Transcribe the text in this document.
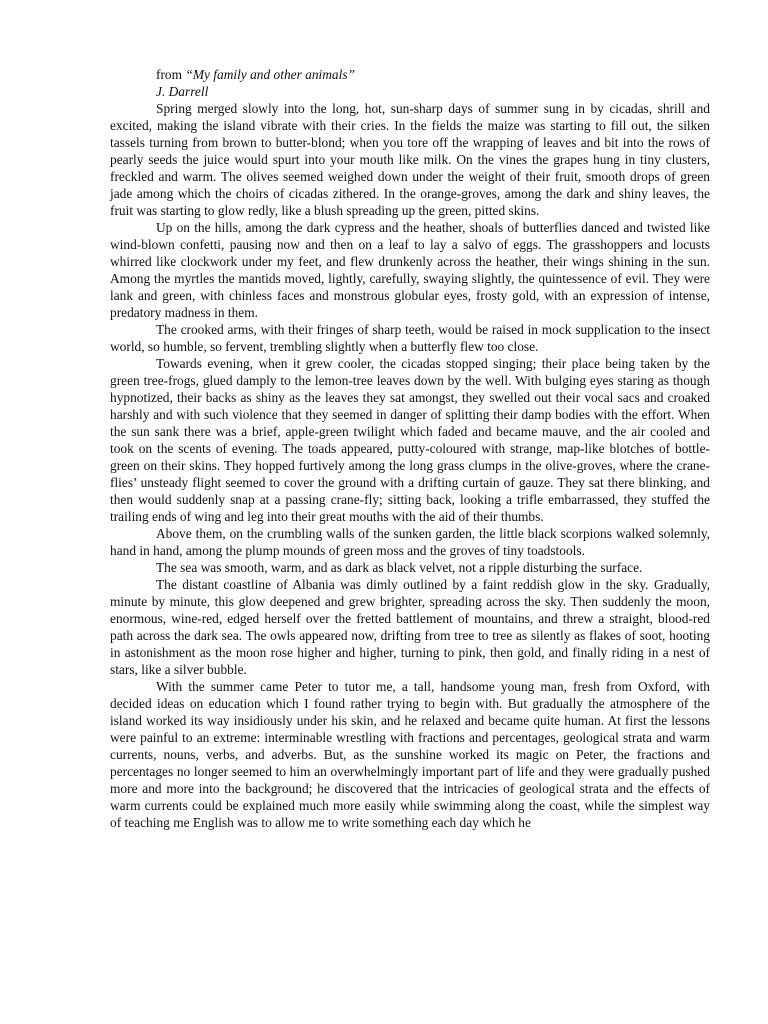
from “My family and other animals”

J. Darrell

Spring merged slowly into the long, hot, sun-sharp days of summer sung in by cicadas, shrill and excited, making the island vibrate with their cries. In the fields the maize was starting to fill out, the silken tassels turning from brown to butter-blond; when you tore off the wrapping of leaves and bit into the rows of pearly seeds the juice would spurt into your mouth like milk. On the vines the grapes hung in tiny clusters, freckled and warm. The olives seemed weighed down under the weight of their fruit, smooth drops of green jade among which the choirs of cicadas zithered. In the orange-groves, among the dark and shiny leaves, the fruit was starting to glow redly, like a blush spreading up the green, pitted skins.

Up on the hills, among the dark cypress and the heather, shoals of butterflies danced and twisted like wind-blown confetti, pausing now and then on a leaf to lay a salvo of eggs. The grasshoppers and locusts whirred like clockwork under my feet, and flew drunkenly across the heather, their wings shining in the sun. Among the myrtles the mantids moved, lightly, carefully, swaying slightly, the quintessence of evil. They were lank and green, with chinless faces and monstrous globular eyes, frosty gold, with an expression of intense, predatory madness in them.

The crooked arms, with their fringes of sharp teeth, would be raised in mock supplication to the insect world, so humble, so fervent, trembling slightly when a butterfly flew too close.

Towards evening, when it grew cooler, the cicadas stopped singing; their place being taken by the green tree-frogs, glued damply to the lemon-tree leaves down by the well. With bulging eyes staring as though hypnotized, their backs as shiny as the leaves they sat amongst, they swelled out their vocal sacs and croaked harshly and with such violence that they seemed in danger of splitting their damp bodies with the effort. When the sun sank there was a brief, apple-green twilight which faded and became mauve, and the air cooled and took on the scents of evening. The toads appeared, putty-coloured with strange, map-like blotches of bottle-green on their skins. They hopped furtively among the long grass clumps in the olive-groves, where the crane-flies’ unsteady flight seemed to cover the ground with a drifting curtain of gauze. They sat there blinking, and then would suddenly snap at a passing crane-fly; sitting back, looking a trifle embarrassed, they stuffed the trailing ends of wing and leg into their great mouths with the aid of their thumbs.

Above them, on the crumbling walls of the sunken garden, the little black scorpions walked solemnly, hand in hand, among the plump mounds of green moss and the groves of tiny toadstools.

The sea was smooth, warm, and as dark as black velvet, not a ripple disturbing the surface.

The distant coastline of Albania was dimly outlined by a faint reddish glow in the sky. Gradually, minute by minute, this glow deepened and grew brighter, spreading across the sky. Then suddenly the moon, enormous, wine-red, edged herself over the fretted battlement of mountains, and threw a straight, blood-red path across the dark sea. The owls appeared now, drifting from tree to tree as silently as flakes of soot, hooting in astonishment as the moon rose higher and higher, turning to pink, then gold, and finally riding in a nest of stars, like a silver bubble.

With the summer came Peter to tutor me, a tall, handsome young man, fresh from Oxford, with decided ideas on education which I found rather trying to begin with. But gradually the atmosphere of the island worked its way insidiously under his skin, and he relaxed and became quite human. At first the lessons were painful to an extreme: interminable wrestling with fractions and percentages, geological strata and warm currents, nouns, verbs, and adverbs. But, as the sunshine worked its magic on Peter, the fractions and percentages no longer seemed to him an overwhelmingly important part of life and they were gradually pushed more and more into the background; he discovered that the intricacies of geological strata and the effects of warm currents could be explained much more easily while swimming along the coast, while the simplest way of teaching me English was to allow me to write something each day which he
